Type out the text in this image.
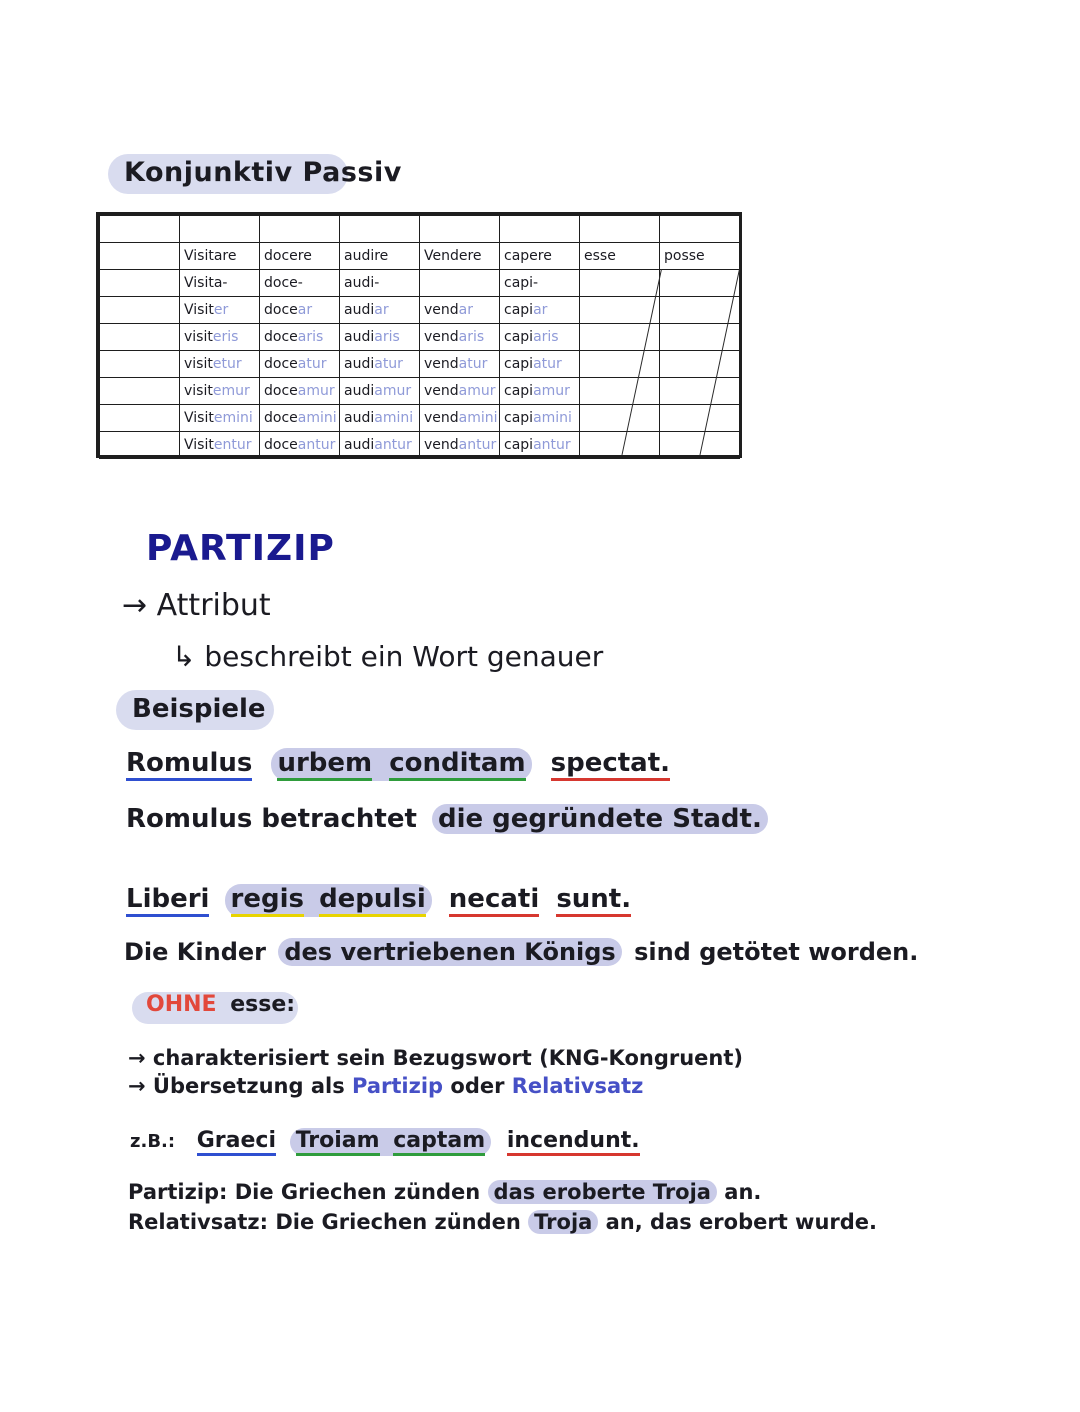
Konjunktiv Passiv

	Visitare	docere	audire	Vendere	capere	esse	posse
	Visita-	doce-	audi-		capi-		
	Visiter	docear	audiar	vendar	capiar		
	visiteris	docearis	audiaris	vendaris	capiaris		
	visitetur	doceatur	audiatur	vendatur	capiatur		
	visitemur	doceamur	audiamur	vendamur	capiamur		
	Visitemini	doceamini	audiamini	vendamini	capiamini		
	Visitentur	doceantur	audiantur	vendantur	capiantur		
PARTIZIP
→ Attribut
↳ beschreibt ein Wort genauer
Beispiele
Romulus urbem conditam spectat.
Romulus betrachtet die gegründete Stadt.
Liberi regis depulsi necati sunt.
Die Kinder des vertriebenen Königs sind getötet worden.
OHNE esse:
→ charakterisiert sein Bezugswort (KNG-Kongruent)
→ Übersetzung als Partizip oder Relativsatz
z.B.: Graeci Troiam captam incendunt.
Partizip: Die Griechen zünden das eroberte Troja an.
Relativsatz: Die Griechen zünden Troja an, das erobert wurde.
